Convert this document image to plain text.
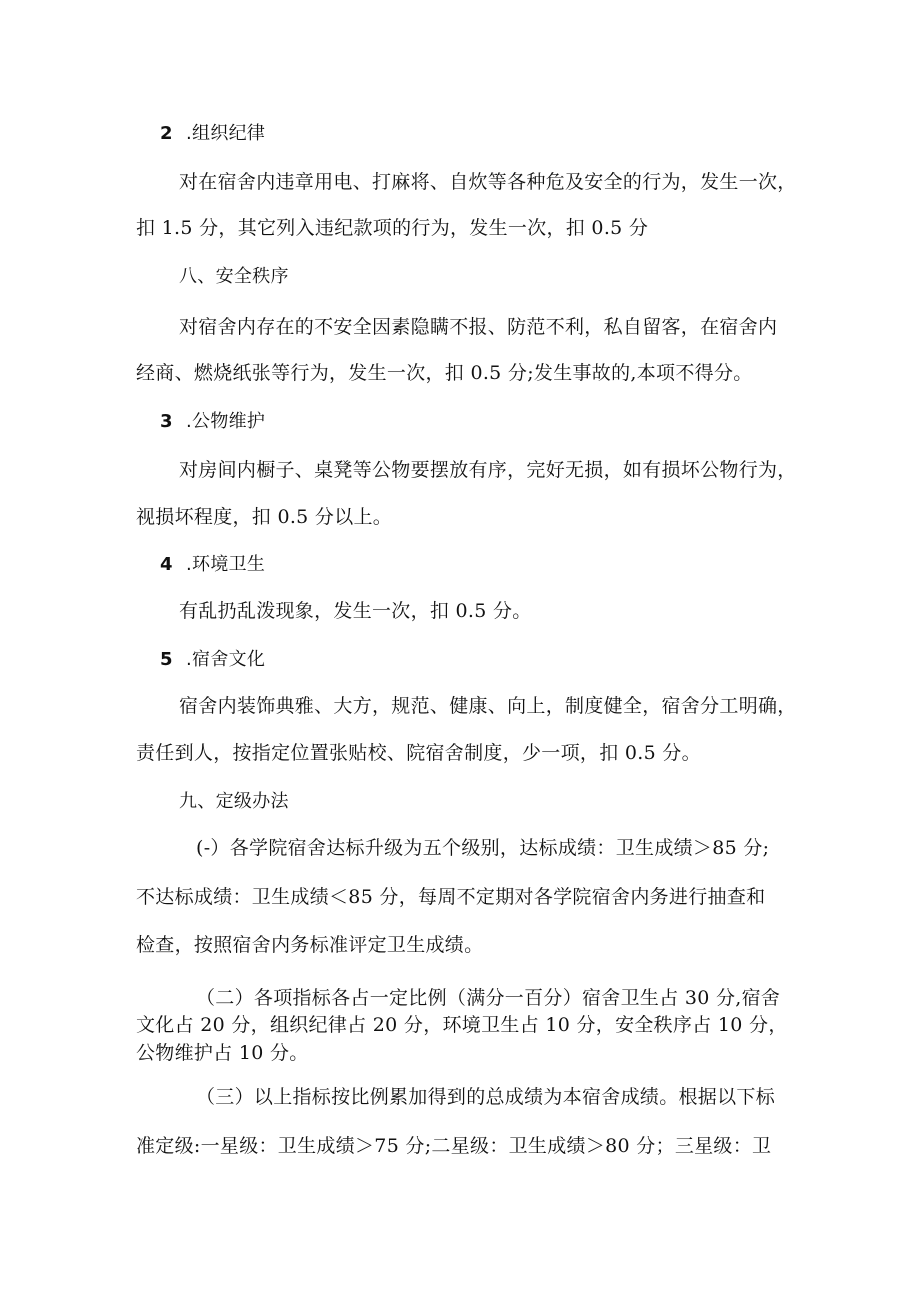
2 .组织纪律
对在宿舍内违章用电、打麻将、自炊等各种危及安全的行为，发生一次，
扣 1.5 分，其它列入违纪款项的行为，发生一次，扣 0.5 分
八、安全秩序
对宿舍内存在的不安全因素隐瞒不报、防范不利，私自留客，在宿舍内
经商、燃烧纸张等行为，发生一次，扣 0.5 分;发生事故的,本项不得分。
3 .公物维护
对房间内橱子、桌凳等公物要摆放有序，完好无损，如有损坏公物行为，
视损坏程度，扣 0.5 分以上。
4 .环境卫生
有乱扔乱泼现象，发生一次，扣 0.5 分。
5 .宿舍文化
宿舍内装饰典雅、大方，规范、健康、向上，制度健全，宿舍分工明确，
责任到人，按指定位置张贴校、院宿舍制度，少一项，扣 0.5 分。
九、定级办法
(-）各学院宿舍达标升级为五个级别，达标成绩：卫生成绩＞85 分;
不达标成绩：卫生成绩＜85 分，每周不定期对各学院宿舍内务进行抽查和
检查，按照宿舍内务标准评定卫生成绩。
（二）各项指标各占一定比例（满分一百分）宿舍卫生占 30 分,宿舍
文化占 20 分，组织纪律占 20 分，环境卫生占 10 分，安全秩序占 10 分，
公物维护占 10 分。
（三）以上指标按比例累加得到的总成绩为本宿舍成绩。根据以下标
准定级:一星级：卫生成绩＞75 分;二星级：卫生成绩＞80 分；三星级：卫
